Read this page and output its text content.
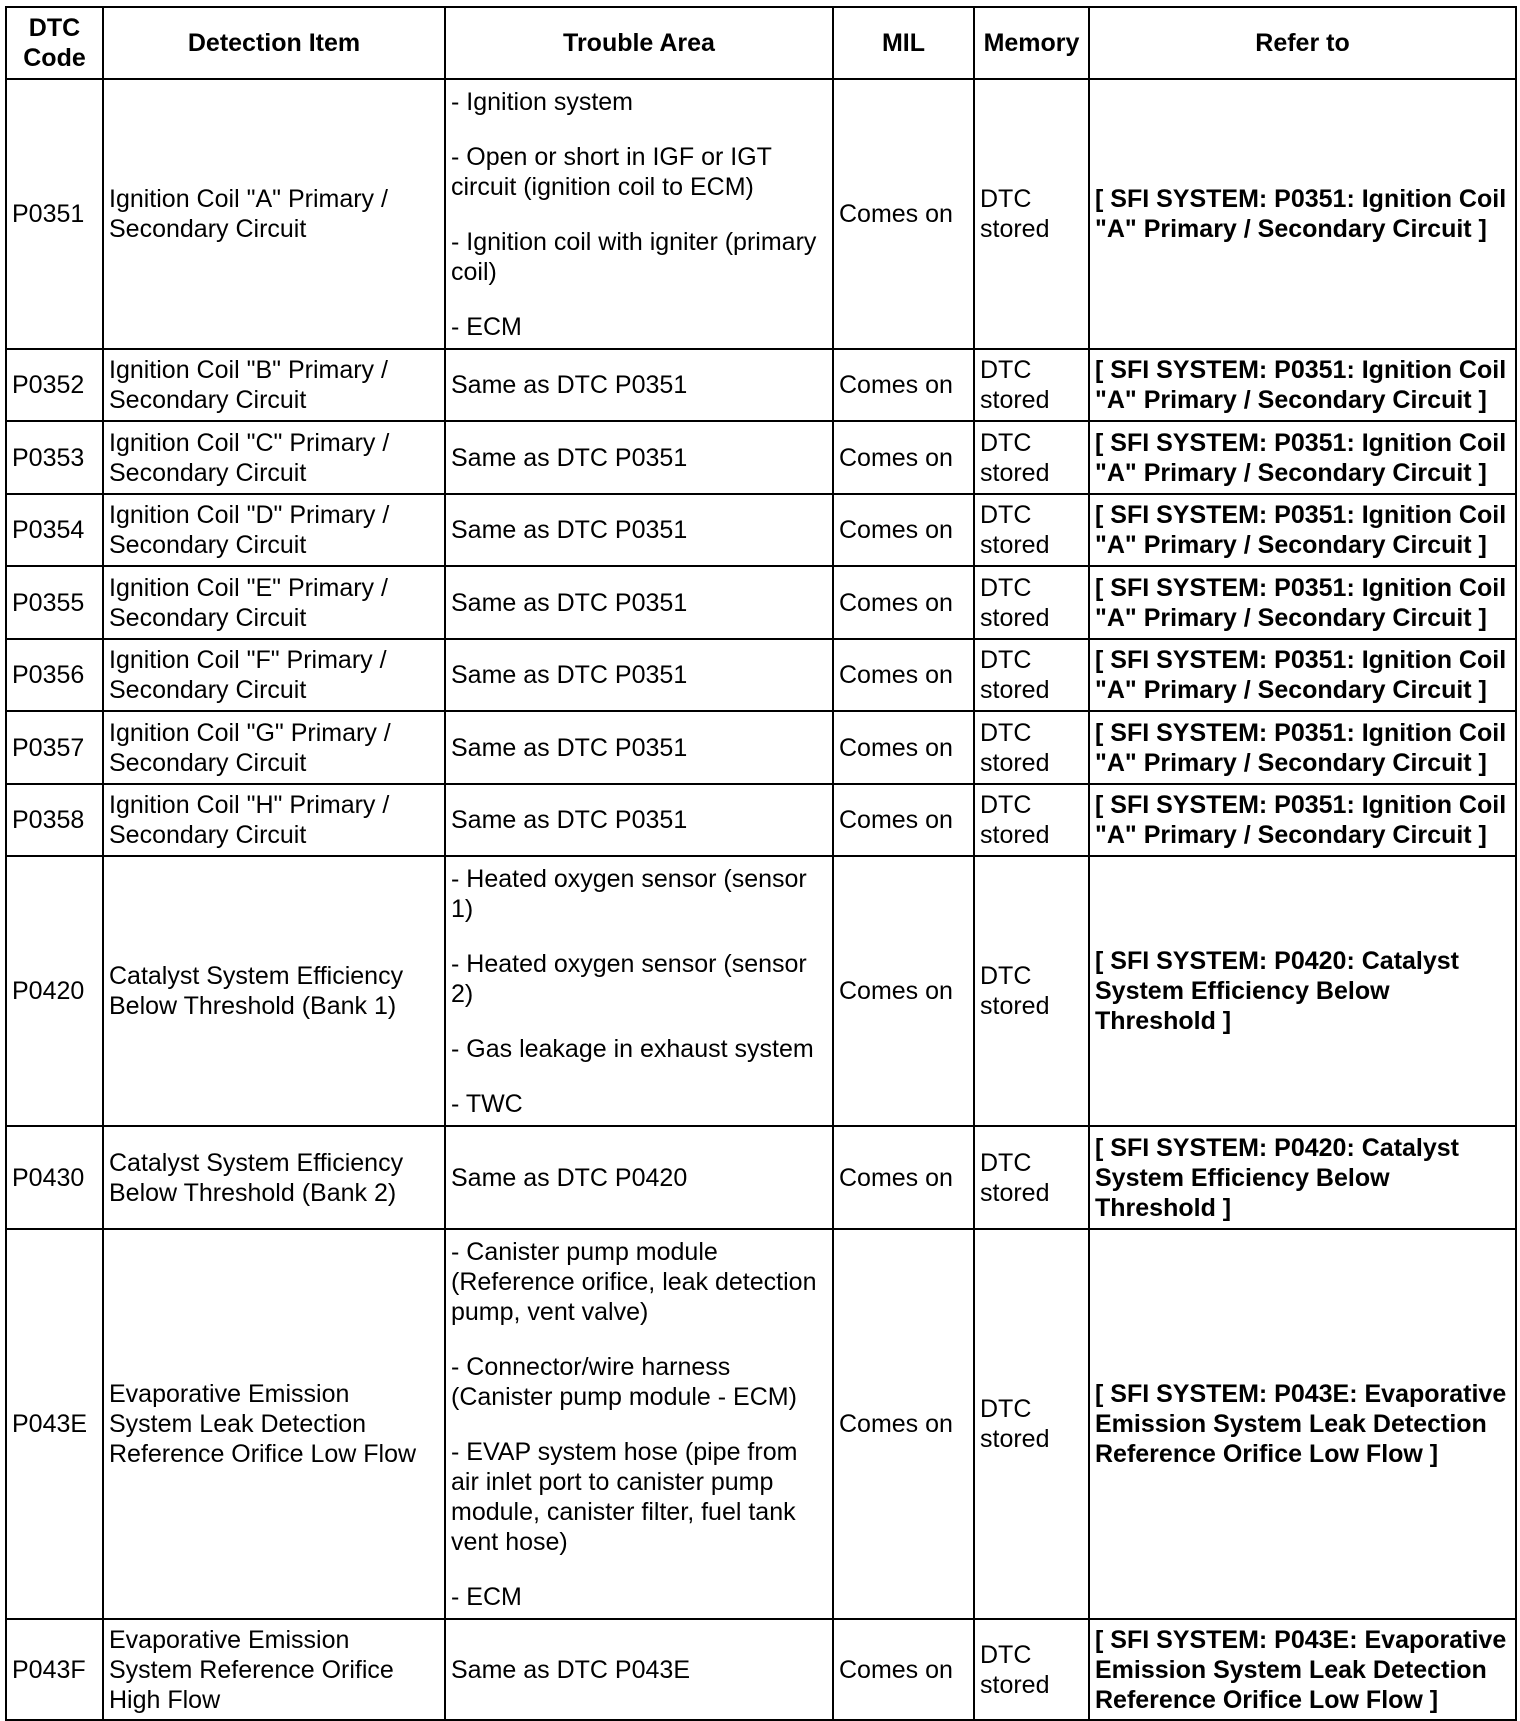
DTC Code	Detection Item	Trouble Area	MIL	Memory	Refer to
P0351	Ignition Coil "A" Primary / Secondary Circuit	- Ignition system
- Open or short in IGF or IGT circuit (ignition coil to ECM)
- Ignition coil with igniter (primary coil)
- ECM	Comes on	DTC stored	[ SFI SYSTEM: P0351: Ignition Coil "A" Primary / Secondary Circuit ]
P0352	Ignition Coil "B" Primary / Secondary Circuit	Same as DTC P0351	Comes on	DTC stored	[ SFI SYSTEM: P0351: Ignition Coil "A" Primary / Secondary Circuit ]
P0353	Ignition Coil "C" Primary / Secondary Circuit	Same as DTC P0351	Comes on	DTC stored	[ SFI SYSTEM: P0351: Ignition Coil "A" Primary / Secondary Circuit ]
P0354	Ignition Coil "D" Primary / Secondary Circuit	Same as DTC P0351	Comes on	DTC stored	[ SFI SYSTEM: P0351: Ignition Coil "A" Primary / Secondary Circuit ]
P0355	Ignition Coil "E" Primary / Secondary Circuit	Same as DTC P0351	Comes on	DTC stored	[ SFI SYSTEM: P0351: Ignition Coil "A" Primary / Secondary Circuit ]
P0356	Ignition Coil "F" Primary / Secondary Circuit	Same as DTC P0351	Comes on	DTC stored	[ SFI SYSTEM: P0351: Ignition Coil "A" Primary / Secondary Circuit ]
P0357	Ignition Coil "G" Primary / Secondary Circuit	Same as DTC P0351	Comes on	DTC stored	[ SFI SYSTEM: P0351: Ignition Coil "A" Primary / Secondary Circuit ]
P0358	Ignition Coil "H" Primary / Secondary Circuit	Same as DTC P0351	Comes on	DTC stored	[ SFI SYSTEM: P0351: Ignition Coil "A" Primary / Secondary Circuit ]
P0420	Catalyst System Efficiency Below Threshold (Bank 1)	- Heated oxygen sensor (sensor 1)
- Heated oxygen sensor (sensor 2)
- Gas leakage in exhaust system
- TWC	Comes on	DTC stored	[ SFI SYSTEM: P0420: Catalyst System Efficiency Below Threshold ]
P0430	Catalyst System Efficiency Below Threshold (Bank 2)	Same as DTC P0420	Comes on	DTC stored	[ SFI SYSTEM: P0420: Catalyst System Efficiency Below Threshold ]
P043E	Evaporative Emission System Leak Detection Reference Orifice Low Flow	- Canister pump module (Reference orifice, leak detection pump, vent valve)
- Connector/wire harness (Canister pump module - ECM)
- EVAP system hose (pipe from air inlet port to canister pump module, canister filter, fuel tank vent hose)
- ECM	Comes on	DTC stored	[ SFI SYSTEM: P043E: Evaporative Emission System Leak Detection Reference Orifice Low Flow ]
P043F	Evaporative Emission System Reference Orifice High Flow	Same as DTC P043E	Comes on	DTC stored	[ SFI SYSTEM: P043E: Evaporative Emission System Leak Detection Reference Orifice Low Flow ]
